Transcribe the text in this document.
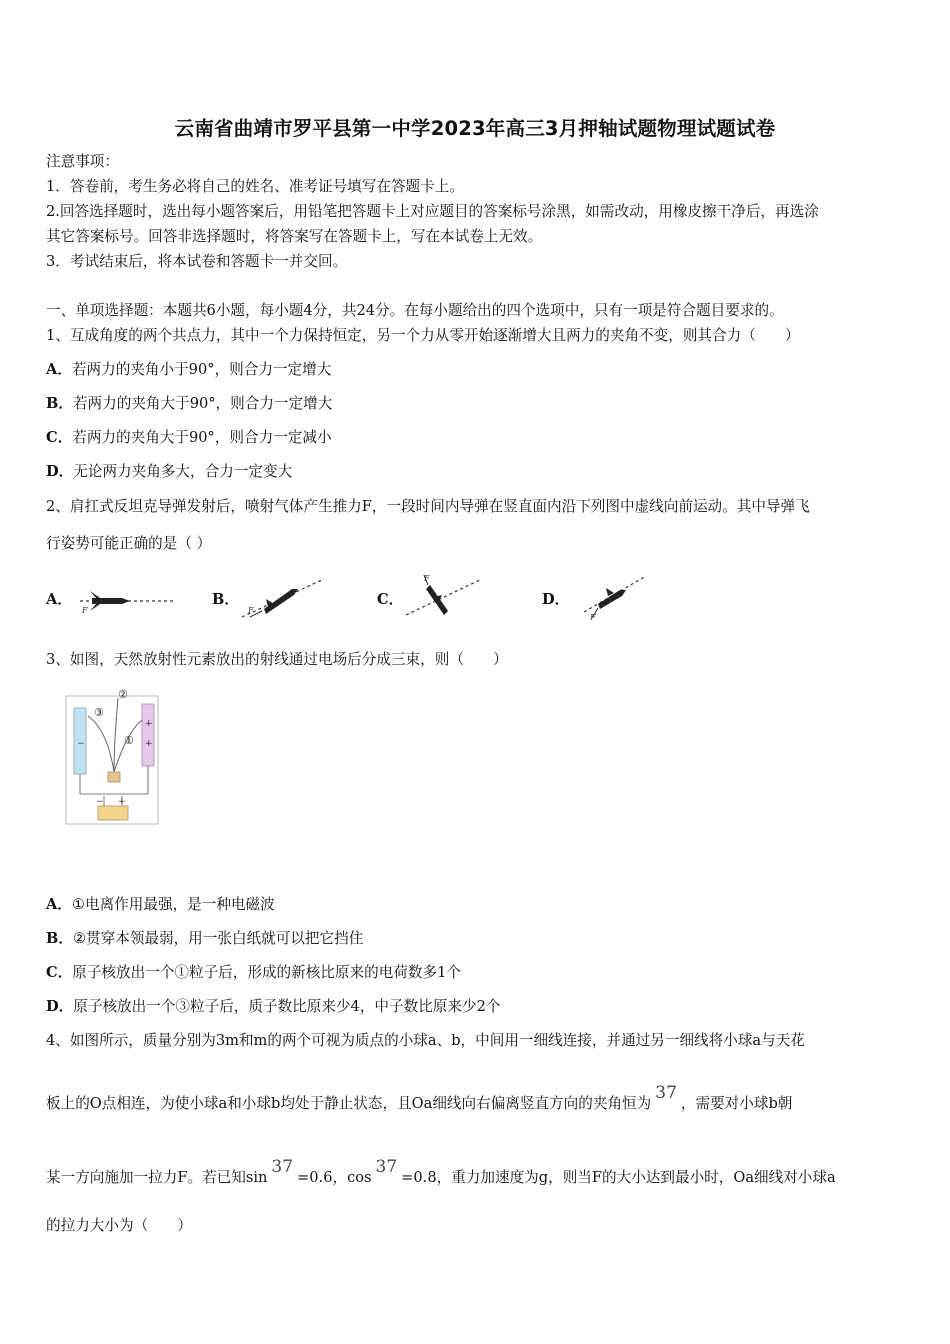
云南省曲靖市罗平县第一中学2023年高三3月押轴试题物理试题试卷
注意事项：
1．答卷前，考生务必将自己的姓名、准考证号填写在答题卡上。
2.回答选择题时，选出每小题答案后，用铅笔把答题卡上对应题目的答案标号涂黑，如需改动，用橡皮擦干净后，再选涂
其它答案标号。回答非选择题时，将答案写在答题卡上，写在本试卷上无效。
3．考试结束后，将本试卷和答题卡一并交回。
一、单项选择题：本题共6小题，每小题4分，共24分。在每小题给出的四个选项中，只有一项是符合题目要求的。
1、互成角度的两个共点力，其中一个力保持恒定，另一个力从零开始逐渐增大且两力的夹角不变，则其合力（　　）
A．若两力的夹角小于90°，则合力一定增大
B．若两力的夹角大于90°，则合力一定增大
C．若两力的夹角大于90°，则合力一定减小
D．无论两力夹角多大，合力一定变大
2、肩扛式反坦克导弹发射后，喷射气体产生推力F，一段时间内导弹在竖直面内沿下列图中虚线向前运动。其中导弹飞
行姿势可能正确的是（ ）
A．
F
B．
F
C．
F
D．
F
3、如图，天然放射性元素放出的射线通过电场后分成三束，则（　　）
③
②
①
−
+
+
− +
A．①电离作用最强，是一种电磁波
B．②贯穿本领最弱，用一张白纸就可以把它挡住
C．原子核放出一个①粒子后，形成的新核比原来的电荷数多1个
D．原子核放出一个③粒子后，质子数比原来少4，中子数比原来少2个
4、如图所示，质量分别为3m和m的两个可视为质点的小球a、b，中间用一细线连接，并通过另一细线将小球a与天花
板上的O点相连，为使小球a和小球b均处于静止状态，且Oa细线向右偏离竖直方向的夹角恒为37，需要对小球b朝
某一方向施加一拉力F。若已知sin37=0.6，cos37=0.8，重力加速度为g，则当F的大小达到最小时，Oa细线对小球a
的拉力大小为（　　）
